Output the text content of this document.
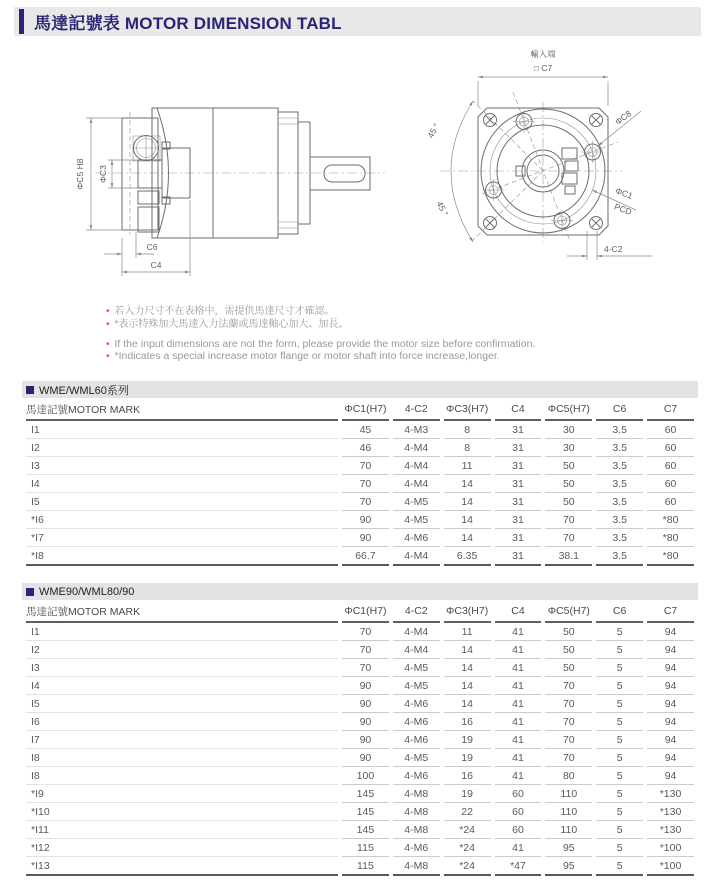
馬達記號表 MOTOR DIMENSION TABL
ΦC5 H8 ΦC3
C6
C4
輸入端
□ C7
45 °
45 °
ΦC8
ΦC1
PCD
4-C2
• 若入力尺寸不在表格中，需提供馬達尺寸才確認。
• *表示特殊加大馬達入力法蘭或馬達軸心加大、加長。
• If the input dimensions are not the form, please provide the motor size before confirmation.
• *Indicates a special increase motor flange or motor shaft into force increase,longer.
WME/WML60系列
馬達記號MOTOR MARK	ΦC1(H7)	4-C2	ΦC3(H7)	C4	ΦC5(H7)	C6	C7
I1	45	4-M3	8	31	30	3.5	60
I2	46	4-M4	8	31	30	3.5	60
I3	70	4-M4	11	31	50	3.5	60
I4	70	4-M4	14	31	50	3.5	60
I5	70	4-M5	14	31	50	3.5	60
*I6	90	4-M5	14	31	70	3.5	*80
*I7	90	4-M6	14	31	70	3.5	*80
*I8	66.7	4-M4	6.35	31	38.1	3.5	*80
WME90/WML80/90
馬達記號MOTOR MARK	ΦC1(H7)	4-C2	ΦC3(H7)	C4	ΦC5(H7)	C6	C7
I1	70	4-M4	11	41	50	5	94
I2	70	4-M4	14	41	50	5	94
I3	70	4-M5	14	41	50	5	94
I4	90	4-M5	14	41	70	5	94
I5	90	4-M6	14	41	70	5	94
I6	90	4-M6	16	41	70	5	94
I7	90	4-M6	19	41	70	5	94
I8	90	4-M5	19	41	70	5	94
I8	100	4-M6	16	41	80	5	94
*I9	145	4-M8	19	60	110	5	*130
*I10	145	4-M8	22	60	110	5	*130
*I11	145	4-M8	*24	60	110	5	*130
*I12	115	4-M6	*24	41	95	5	*100
*I13	115	4-M8	*24	*47	95	5	*100
